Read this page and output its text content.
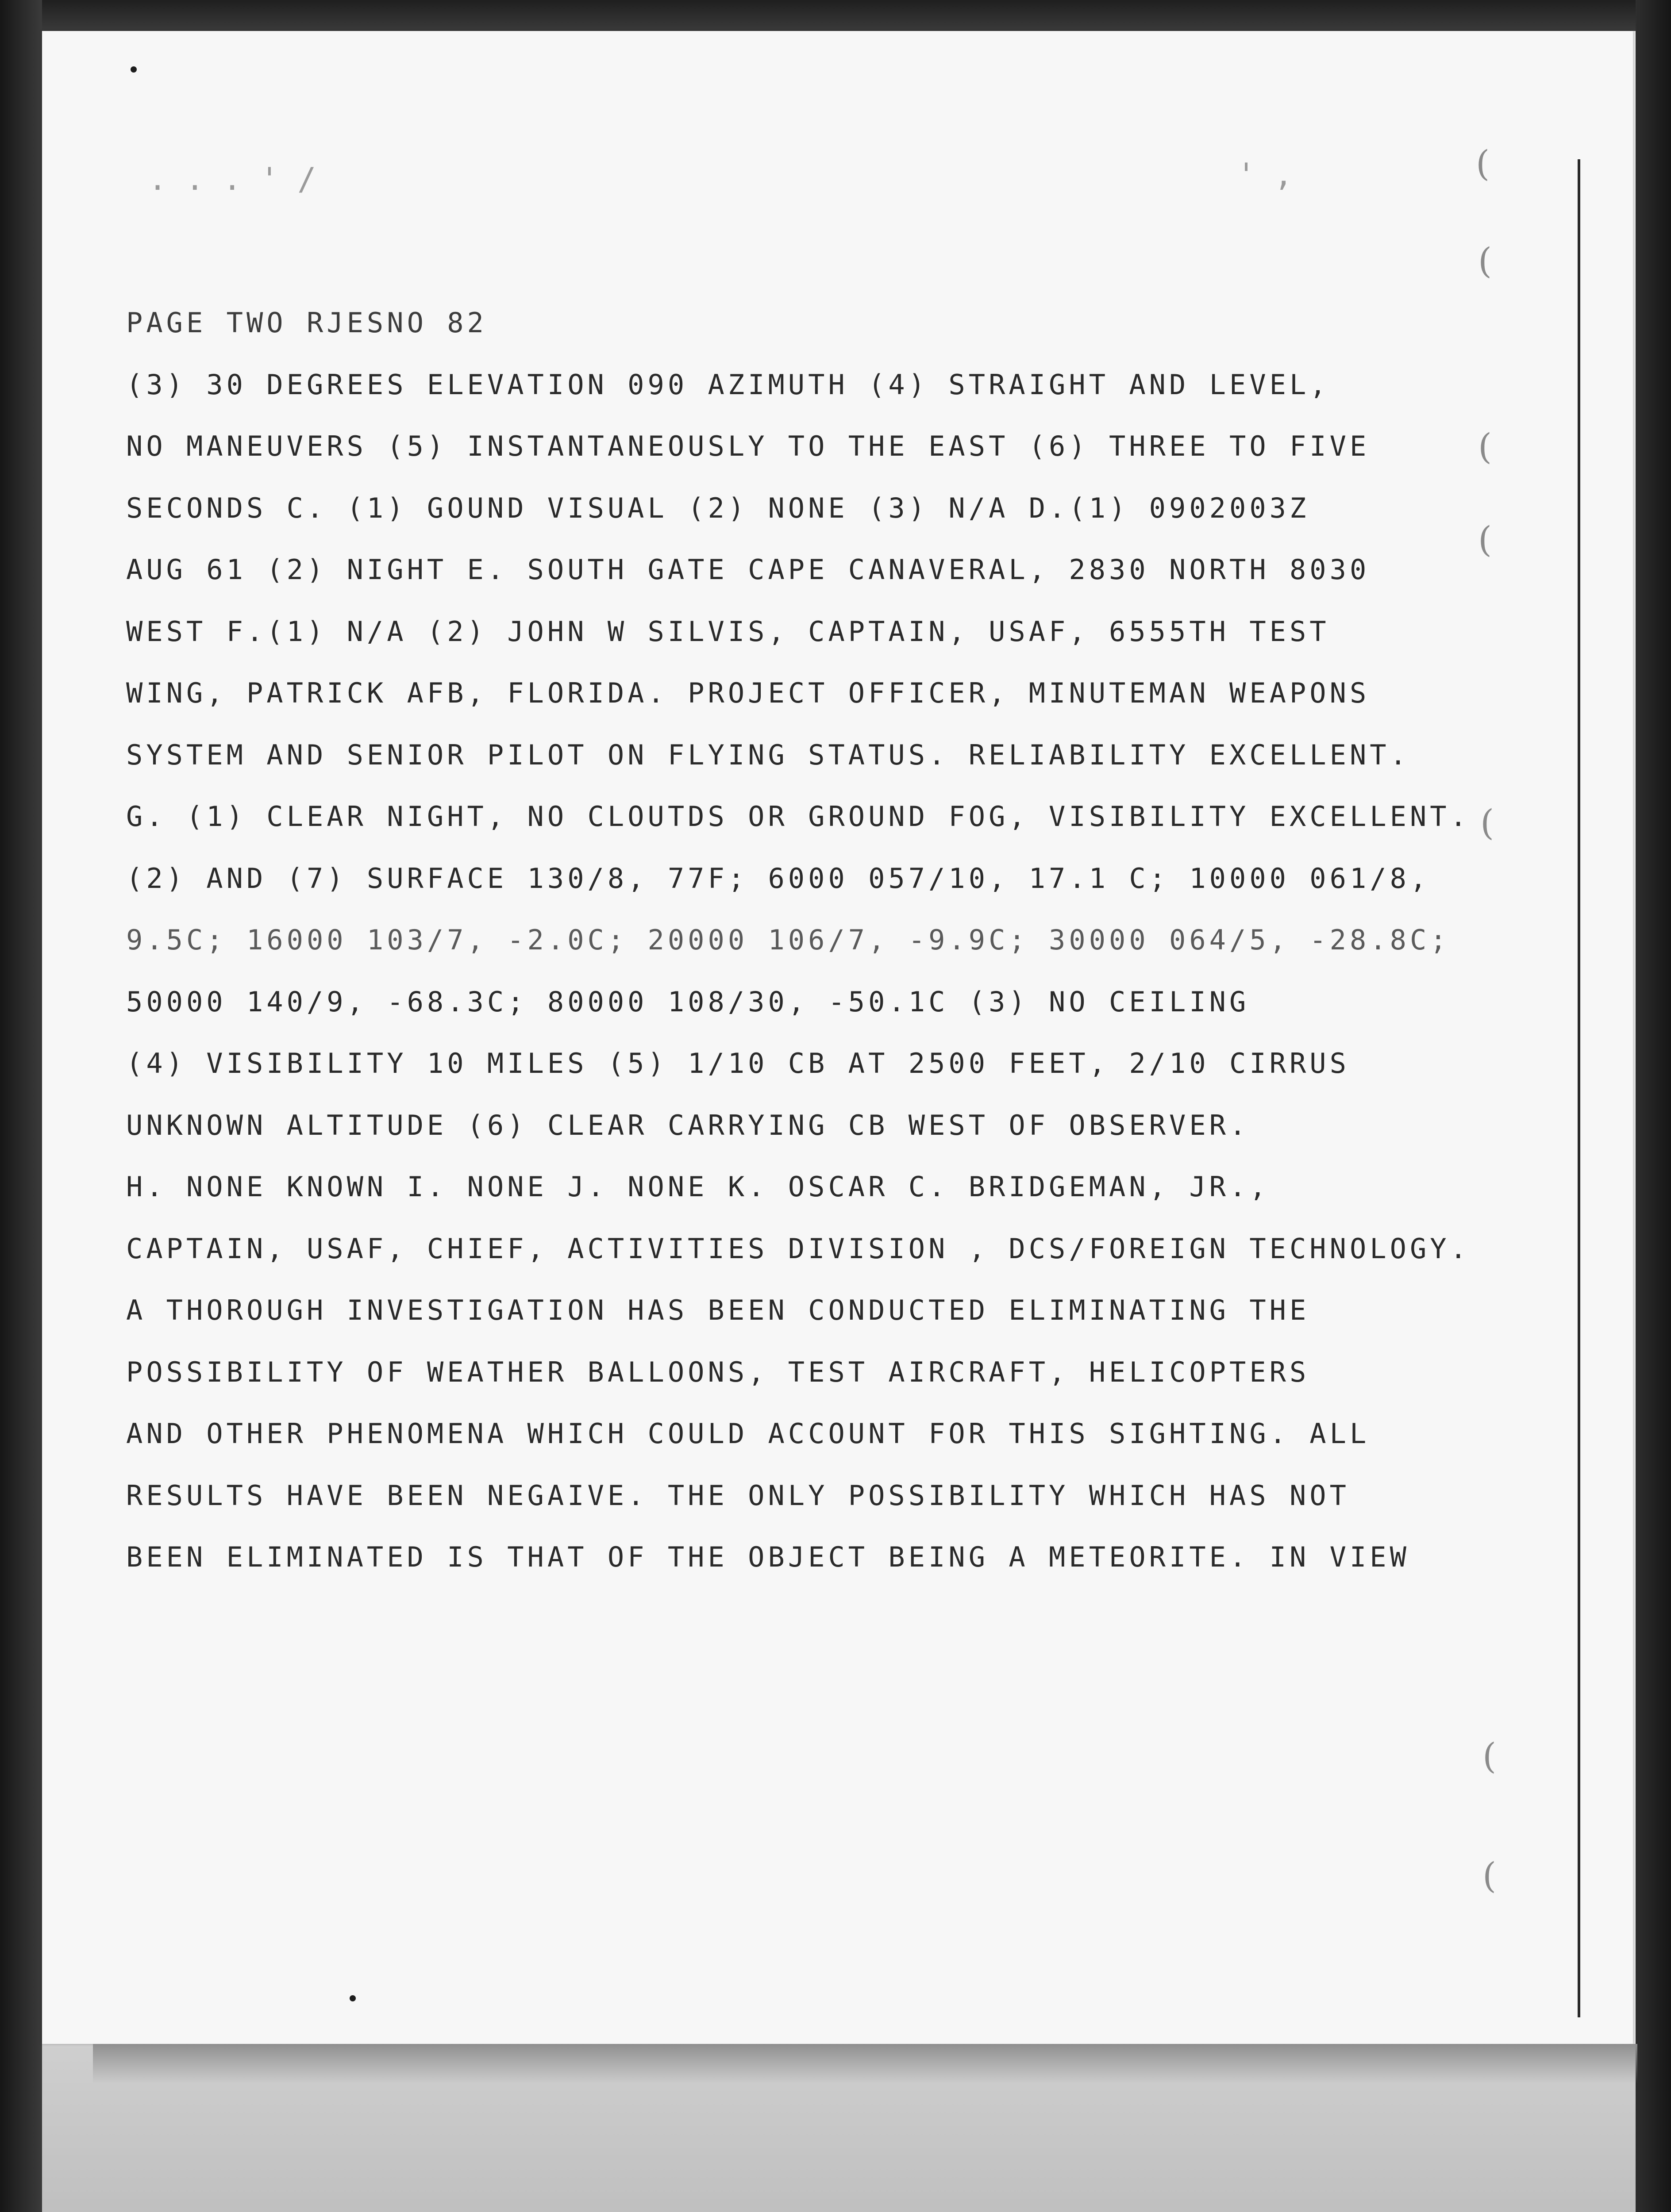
(
(
(
(
(
(
(
. . . ' /	' ,
PAGE TWO RJESNO 82
(3) 30 DEGREES ELEVATION 090 AZIMUTH (4) STRAIGHT AND LEVEL,
NO MANEUVERS (5) INSTANTANEOUSLY TO THE EAST (6) THREE TO FIVE
SECONDS C. (1) GOUND VISUAL (2) NONE (3) N/A D.(1) 0902003Z
AUG 61 (2) NIGHT E. SOUTH GATE CAPE CANAVERAL, 2830 NORTH 8030
WEST F.(1) N/A (2) JOHN W SILVIS, CAPTAIN, USAF, 6555TH TEST
WING, PATRICK AFB, FLORIDA. PROJECT OFFICER, MINUTEMAN WEAPONS
SYSTEM AND SENIOR PILOT ON FLYING STATUS. RELIABILITY EXCELLENT.
G. (1) CLEAR NIGHT, NO CLOUTDS OR GROUND FOG, VISIBILITY EXCELLENT.
(2) AND (7) SURFACE 130/8, 77F; 6000 057/10, 17.1 C; 10000 061/8,
9.5C; 16000 103/7, -2.0C; 20000 106/7, -9.9C; 30000 064/5, -28.8C;
50000 140/9, -68.3C; 80000 108/30, -50.1C (3) NO CEILING
(4) VISIBILITY 10 MILES (5) 1/10 CB AT 2500 FEET, 2/10 CIRRUS
UNKNOWN ALTITUDE (6) CLEAR CARRYING CB WEST OF OBSERVER.
H. NONE KNOWN I. NONE J. NONE K. OSCAR C. BRIDGEMAN, JR.,
CAPTAIN, USAF, CHIEF, ACTIVITIES DIVISION , DCS/FOREIGN TECHNOLOGY.
A THOROUGH INVESTIGATION HAS BEEN CONDUCTED ELIMINATING THE
POSSIBILITY OF WEATHER BALLOONS, TEST AIRCRAFT, HELICOPTERS
AND OTHER PHENOMENA WHICH COULD ACCOUNT FOR THIS SIGHTING. ALL
RESULTS HAVE BEEN NEGAIVE. THE ONLY POSSIBILITY WHICH HAS NOT
BEEN ELIMINATED IS THAT OF THE OBJECT BEING A METEORITE. IN VIEW
